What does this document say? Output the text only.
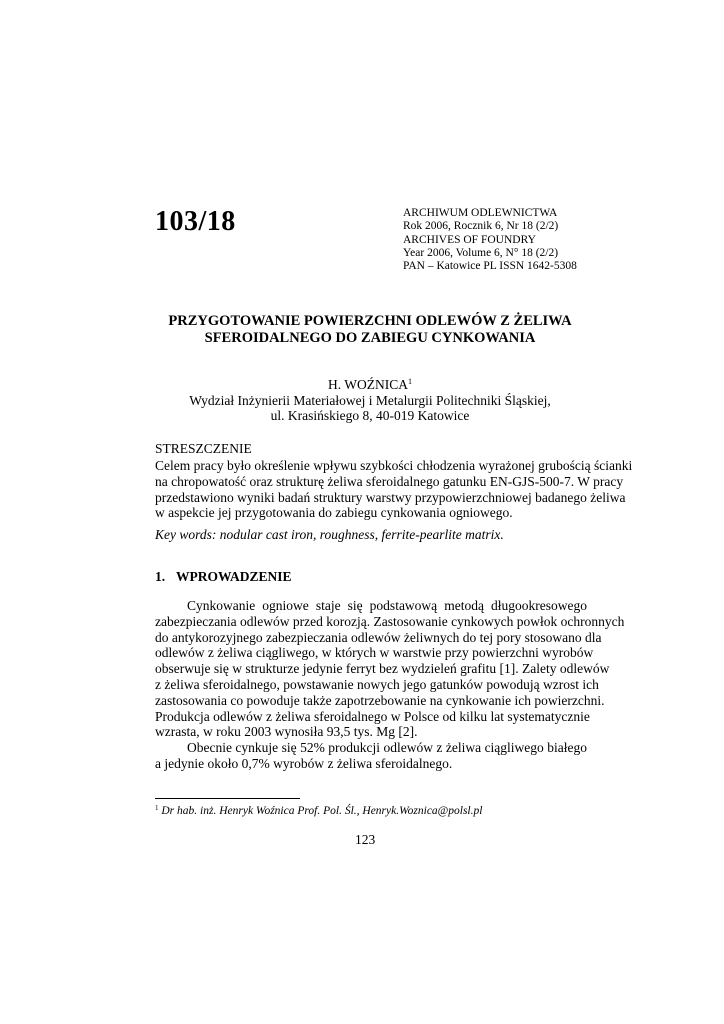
103/18	ARCHIWUM ODLEWNICTWA
Rok 2006, Rocznik 6, Nr 18 (2/2)
ARCHIVES OF FOUNDRY
Year 2006, Volume 6, N° 18 (2/2)
PAN – Katowice PL ISSN 1642-5308
PRZYGOTOWANIE POWIERZCHNI ODLEWÓW Z ŻELIWA
SFEROIDALNEGO DO ZABIEGU CYNKOWANIA
H. WOŹNICA$^1$
Wydział Inżynierii Materiałowej i Metalurgii Politechniki Śląskiej,
ul. Krasińskiego 8, 40-019 Katowice
STRESZCZENIE
Celem pracy było określenie wpływu szybkości chłodzenia wyrażonej grubością ścianki
na chropowatość oraz strukturę żeliwa sferoidalnego gatunku EN-GJS-500-7. W pracy
przedstawiono wyniki badań struktury warstwy przypowierzchniowej badanego żeliwa
w aspekcie jej przygotowania do zabiegu cynkowania ogniowego.
Key words: nodular cast iron, roughness, ferrite-pearlite matrix.
1. WPROWADZENIE
Cynkowanie ogniowe staje się podstawową metodą długookresowego
zabezpieczania odlewów przed korozją. Zastosowanie cynkowych powłok ochronnych
do antykorozyjnego zabezpieczania odlewów żeliwnych do tej pory stosowano dla
odlewów z żeliwa ciągliwego, w których w warstwie przy powierzchni wyrobów
obserwuje się w strukturze jedynie ferryt bez wydzieleń grafitu [1]. Zalety odlewów
z żeliwa sferoidalnego, powstawanie nowych jego gatunków powodują wzrost ich
zastosowania co powoduje także zapotrzebowanie na cynkowanie ich powierzchni.
Produkcja odlewów z żeliwa sferoidalnego w Polsce od kilku lat systematycznie
wzrasta, w roku 2003 wynosiła 93,5 tys. Mg [2].
Obecnie cynkuje się 52% produkcji odlewów z żeliwa ciągliwego białego
a jedynie około 0,7% wyrobów z żeliwa sferoidalnego.
$^1$ Dr hab. inż. Henryk Woźnica Prof. Pol. Śl., Henryk.Woznica@polsl.pl
123
